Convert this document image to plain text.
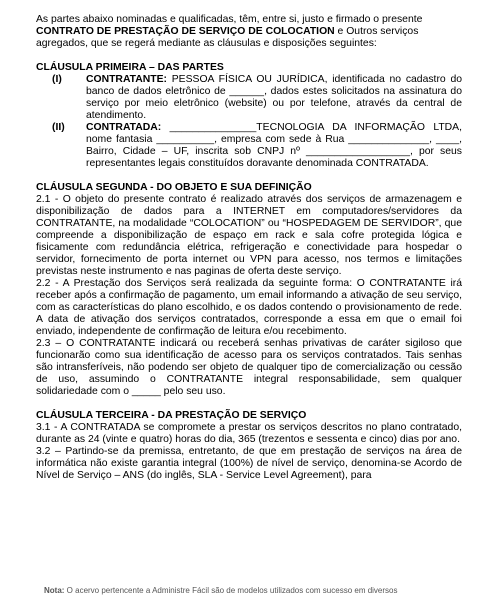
As partes abaixo nominadas e qualificadas, têm, entre si, justo e firmado o presente
CONTRATO DE PRESTAÇÃO DE SERVIÇO DE COLOCATION e Outros serviços
agregados, que se regerá mediante as cláusulas e disposições seguintes:

CLÁUSULA PRIMEIRA – DAS PARTES

(I)	CONTRATANTE: PESSOA FÍSICA OU JURÍDICA, identificada no cadastro do banco de dados eletrônico de ______, dados estes solicitados na assinatura do serviço por meio eletrônico (website) ou por telefone, através da central de atendimento.
(II)	CONTRATADA: _______________TECNOLOGIA DA INFORMAÇÃO LTDA, nome fantasia __________, empresa com sede à Rua ______________, ____, Bairro, Cidade – UF, inscrita sob CNPJ nº __________________, por seus representantes legais constituídos doravante denominada CONTRATADA.

CLÁUSULA SEGUNDA - DO OBJETO E SUA DEFINIÇÃO

2.1 - O objeto do presente contrato é realizado através dos serviços de armazenagem e disponibilização de dados para a INTERNET em computadores/servidores da CONTRATANTE, na modalidade “COLOCATION” ou “HOSPEDAGEM DE SERVIDOR”, que compreende a disponibilização de espaço em rack e sala cofre protegida lógica e fisicamente com redundância elétrica, refrigeração e conectividade para hospedar o servidor, fornecimento de porta internet ou VPN para acesso, nos termos e limitações previstas neste instrumento e nas paginas de oferta deste serviço.

2.2 - A Prestação dos Serviços será realizada da seguinte forma: O CONTRATANTE irá receber após a confirmação de pagamento, um email informando a ativação de seu serviço, com as características do plano escolhido, e os dados contendo o provisionamento de rede. A data de ativação dos serviços contratados, corresponde a essa em que o email foi enviado, independente de confirmação de leitura e/ou recebimento.

2.3 – O CONTRATANTE indicará ou receberá senhas privativas de caráter sigiloso que funcionarão como sua identificação de acesso para os serviços contratados. Tais senhas são intransferíveis, não podendo ser objeto de qualquer tipo de comercialização ou cessão de uso, assumindo o CONTRATANTE integral responsabilidade, sem qualquer solidariedade com o _____ pelo seu uso.

CLÁUSULA TERCEIRA - DA PRESTAÇÃO DE SERVIÇO

3.1 - A CONTRATADA se compromete a prestar os serviços descritos no plano contratado, durante as 24 (vinte e quatro) horas do dia, 365 (trezentos e sessenta e cinco) dias por ano.

3.2 – Partindo-se da premissa, entretanto, de que em prestação de serviços na área de informática não existe garantia integral (100%) de nível de serviço, denomina-se Acordo de Nível de Serviço – ANS (do inglês, SLA - Service Level Agreement), para

Nota: O acervo pertencente a Administre Fácil são de modelos utilizados com sucesso em diversos
